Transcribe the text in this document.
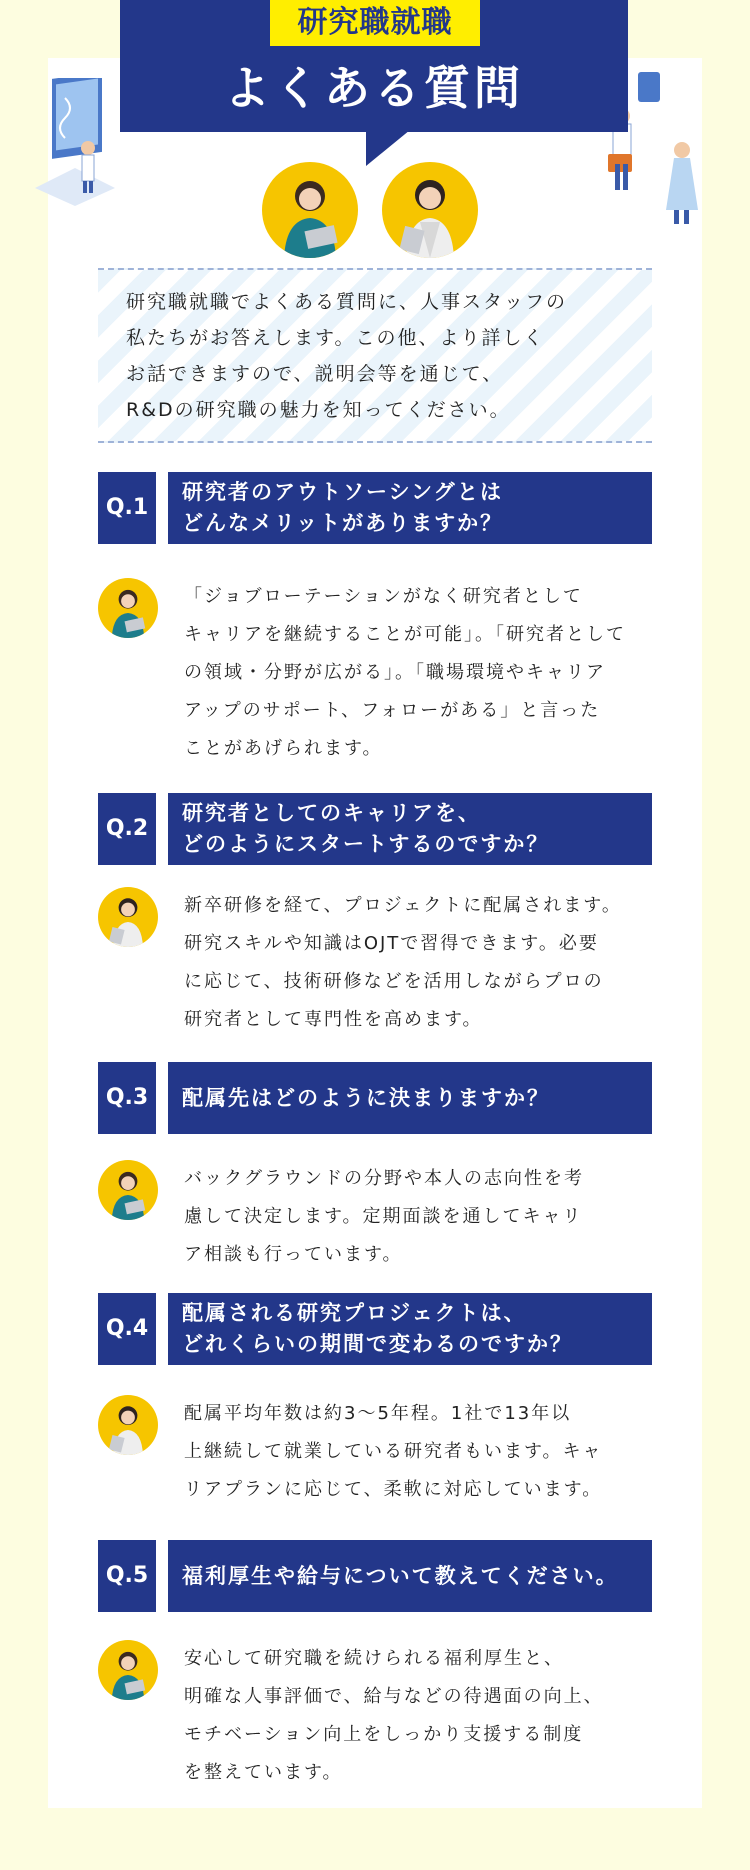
研究職就職
よくある質問

研究職就職でよくある質問に、人事スタッフの

私たちがお答えします。この他、より詳しく

お話できますので、説明会等を通じて、

R&Dの研究職の魅力を知ってください。

Q.1
研究者のアウトソーシングとは
どんなメリットがありますか？
「ジョブローテーションがなく研究者として
キャリアを継続することが可能」。「研究者として
の領域・分野が広がる」。「職場環境やキャリア
アップのサポート、フォローがある」と言った
ことがあげられます。
Q.2
研究者としてのキャリアを、
どのようにスタートするのですか？
新卒研修を経て、プロジェクトに配属されます。
研究スキルや知識はOJTで習得できます。必要
に応じて、技術研修などを活用しながらプロの
研究者として専門性を高めます。
Q.3	配属先はどのように決まりますか？
バックグラウンドの分野や本人の志向性を考
慮して決定します。定期面談を通してキャリ
ア相談も行っています。
Q.4
配属される研究プロジェクトは、
どれくらいの期間で変わるのですか？
配属平均年数は約3〜5年程。1社で13年以
上継続して就業している研究者もいます。キャ
リアプランに応じて、柔軟に対応しています。
Q.5	福利厚生や給与について教えてください。
安心して研究職を続けられる福利厚生と、
明確な人事評価で、給与などの待遇面の向上、
モチベーション向上をしっかり支援する制度
を整えています。
